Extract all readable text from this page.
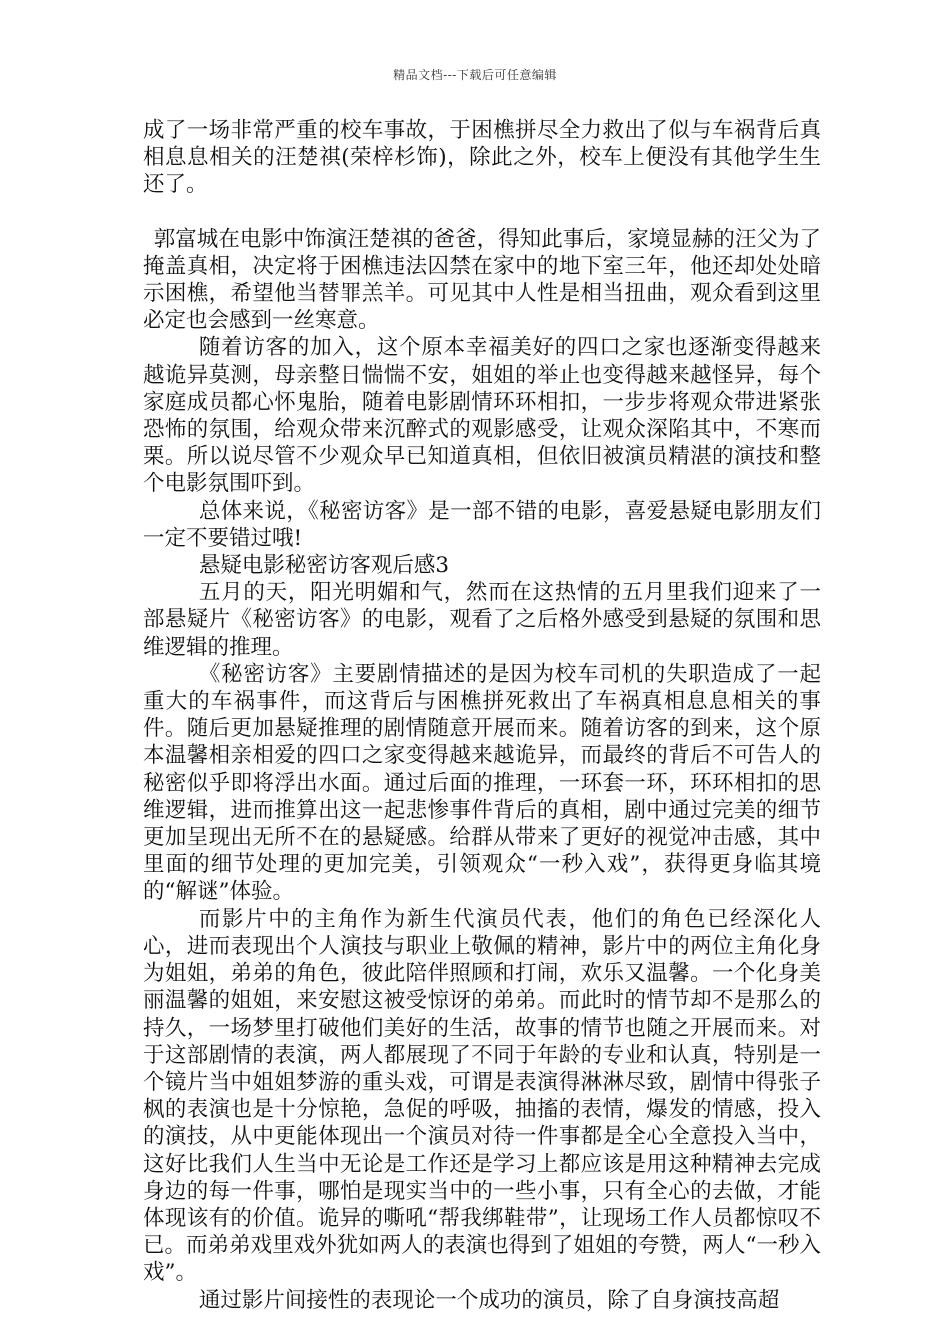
精品文档---下载后可任意编辑

成了一场非常严重的校车事故，于困樵拼尽全力救出了似与车祸背后真相息息相关的汪楚祺(荣梓杉饰)，除此之外，校车上便没有其他学生生还了。

郭富城在电影中饰演汪楚祺的爸爸，得知此事后，家境显赫的汪父为了掩盖真相，决定将于困樵违法囚禁在家中的地下室三年，他还却处处暗示困樵，希望他当替罪羔羊。可见其中人性是相当扭曲，观众看到这里必定也会感到一丝寒意。

随着访客的加入，这个原本幸福美好的四口之家也逐渐变得越来越诡异莫测，母亲整日惴惴不安，姐姐的举止也变得越来越怪异，每个家庭成员都心怀鬼胎，随着电影剧情环环相扣，一步步将观众带进紧张恐怖的氛围，给观众带来沉醉式的观影感受，让观众深陷其中，不寒而栗。所以说尽管不少观众早已知道真相，但依旧被演员精湛的演技和整个电影氛围吓到。

总体来说，《秘密访客》是一部不错的电影，喜爱悬疑电影朋友们一定不要错过哦!

悬疑电影秘密访客观后感3

五月的天，阳光明媚和气，然而在这热情的五月里我们迎来了一部悬疑片《秘密访客》的电影，观看了之后格外感受到悬疑的氛围和思维逻辑的推理。

《秘密访客》主要剧情描述的是因为校车司机的失职造成了一起重大的车祸事件，而这背后与困樵拼死救出了车祸真相息息相关的事件。随后更加悬疑推理的剧情随意开展而来。随着访客的到来，这个原本温馨相亲相爱的四口之家变得越来越诡异，而最终的背后不可告人的秘密似乎即将浮出水面。通过后面的推理，一环套一环，环环相扣的思维逻辑，进而推算出这一起悲惨事件背后的真相，剧中通过完美的细节更加呈现出无所不在的悬疑感。给群从带来了更好的视觉冲击感，其中里面的细节处理的更加完美，引领观众“一秒入戏”，获得更身临其境的“解谜”体验。

而影片中的主角作为新生代演员代表，他们的角色已经深化人心，进而表现出个人演技与职业上敬佩的精神，影片中的两位主角化身为姐姐，弟弟的角色，彼此陪伴照顾和打闹，欢乐又温馨。一个化身美丽温馨的姐姐，来安慰这被受惊讶的弟弟。而此时的情节却不是那么的持久，一场梦里打破他们美好的生活，故事的情节也随之开展而来。对于这部剧情的表演，两人都展现了不同于年龄的专业和认真，特别是一个镜片当中姐姐梦游的重头戏，可谓是表演得淋淋尽致，剧情中得张子枫的表演也是十分惊艳，急促的呼吸，抽搐的表情，爆发的情感，投入的演技，从中更能体现出一个演员对待一件事都是全心全意投入当中，这好比我们人生当中无论是工作还是学习上都应该是用这种精神去完成身边的每一件事，哪怕是现实当中的一些小事，只有全心的去做，才能体现该有的价值。诡异的嘶吼“帮我绑鞋带”，让现场工作人员都惊叹不已。而弟弟戏里戏外犹如两人的表演也得到了姐姐的夸赞，两人“一秒入戏”。

通过影片间接性的表现论一个成功的演员，除了自身演技高超
